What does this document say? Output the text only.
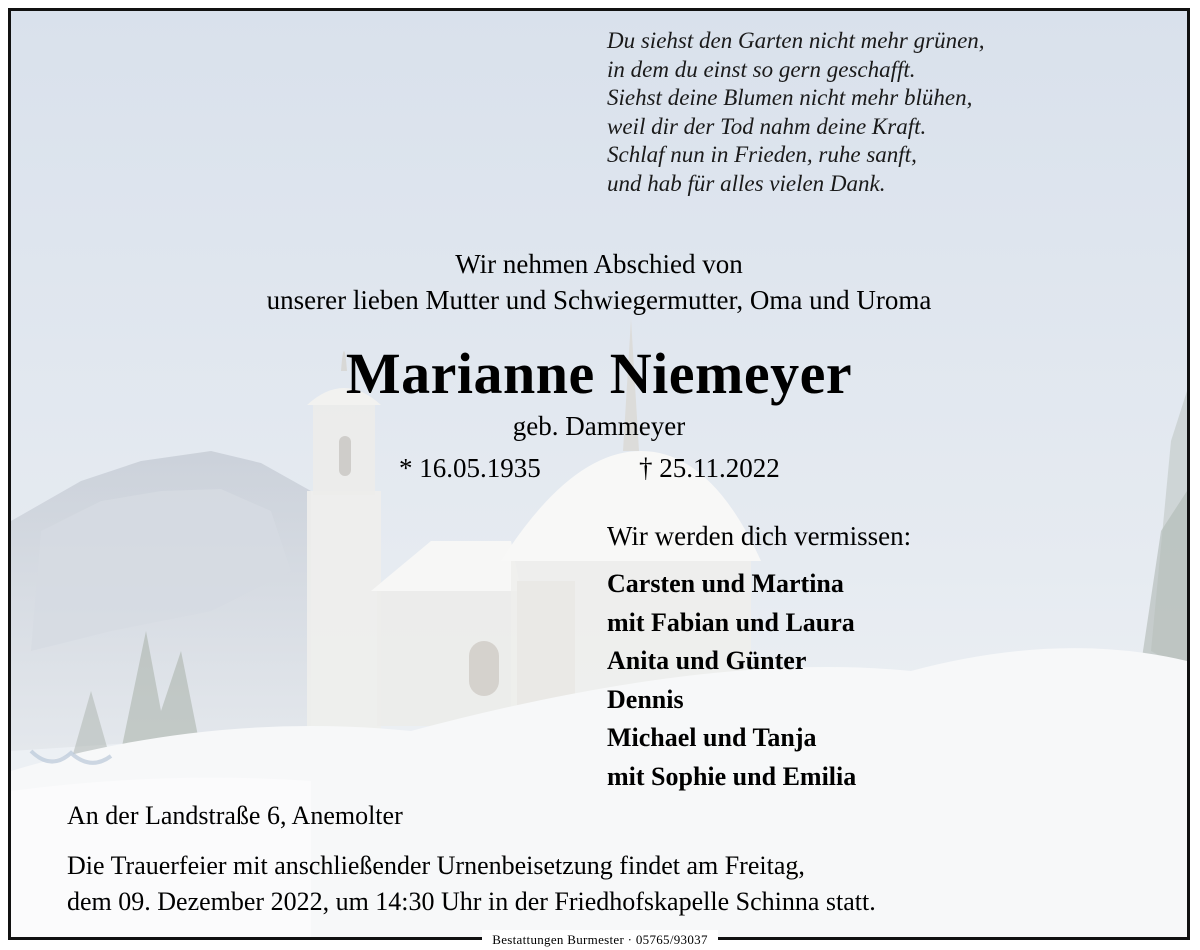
Du siehst den Garten nicht mehr grünen,
in dem du einst so gern geschafft.
Siehst deine Blumen nicht mehr blühen,
weil dir der Tod nahm deine Kraft.
Schlaf nun in Frieden, ruhe sanft,
und hab für alles vielen Dank.
Wir nehmen Abschied von
unserer lieben Mutter und Schwiegermutter, Oma und Uroma
Marianne Niemeyer
geb. Dammeyer
* 16.05.1935	† 25.11.2022
Wir werden dich vermissen:
Carsten und Martina
mit Fabian und Laura
Anita und Günter
Dennis
Michael und Tanja
mit Sophie und Emilia
An der Landstraße 6, Anemolter
Die Trauerfeier mit anschließender Urnenbeisetzung findet am Freitag,
dem 09. Dezember 2022, um 14:30 Uhr in der Friedhofskapelle Schinna statt.
Bestattungen Burmester · 05765/93037
